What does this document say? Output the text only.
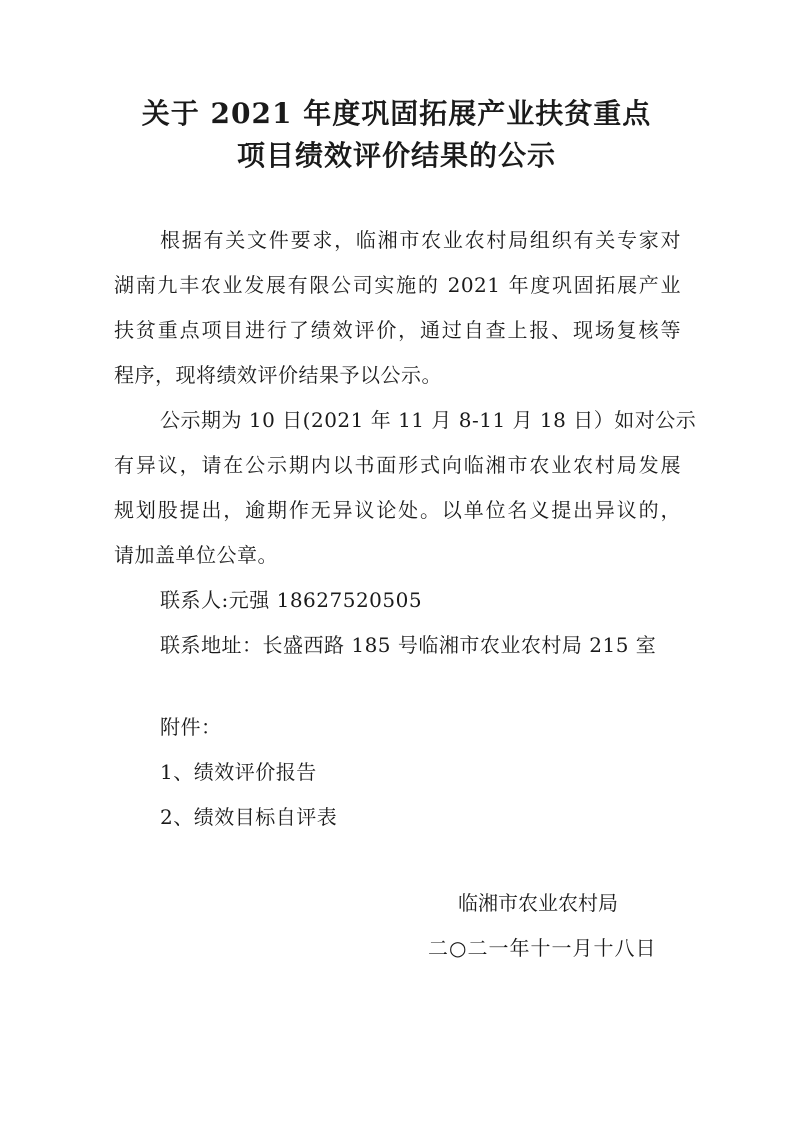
关于 2021 年度巩固拓展产业扶贫重点
项目绩效评价结果的公示
根据有关文件要求，临湘市农业农村局组织有关专家对
湖南九丰农业发展有限公司实施的 2021 年度巩固拓展产业
扶贫重点项目进行了绩效评价，通过自查上报、现场复核等
程序，现将绩效评价结果予以公示。
公示期为 10 日(2021 年 11 月 8-11 月 18 日）如对公示
有异议，请在公示期内以书面形式向临湘市农业农村局发展
规划股提出，逾期作无异议论处。以单位名义提出异议的，
请加盖单位公章。
联系人:元强 18627520505
联系地址：长盛西路 185 号临湘市农业农村局 215 室
附件：
1、绩效评价报告
2、绩效目标自评表
临湘市农业农村局
二○二一年十一月十八日
